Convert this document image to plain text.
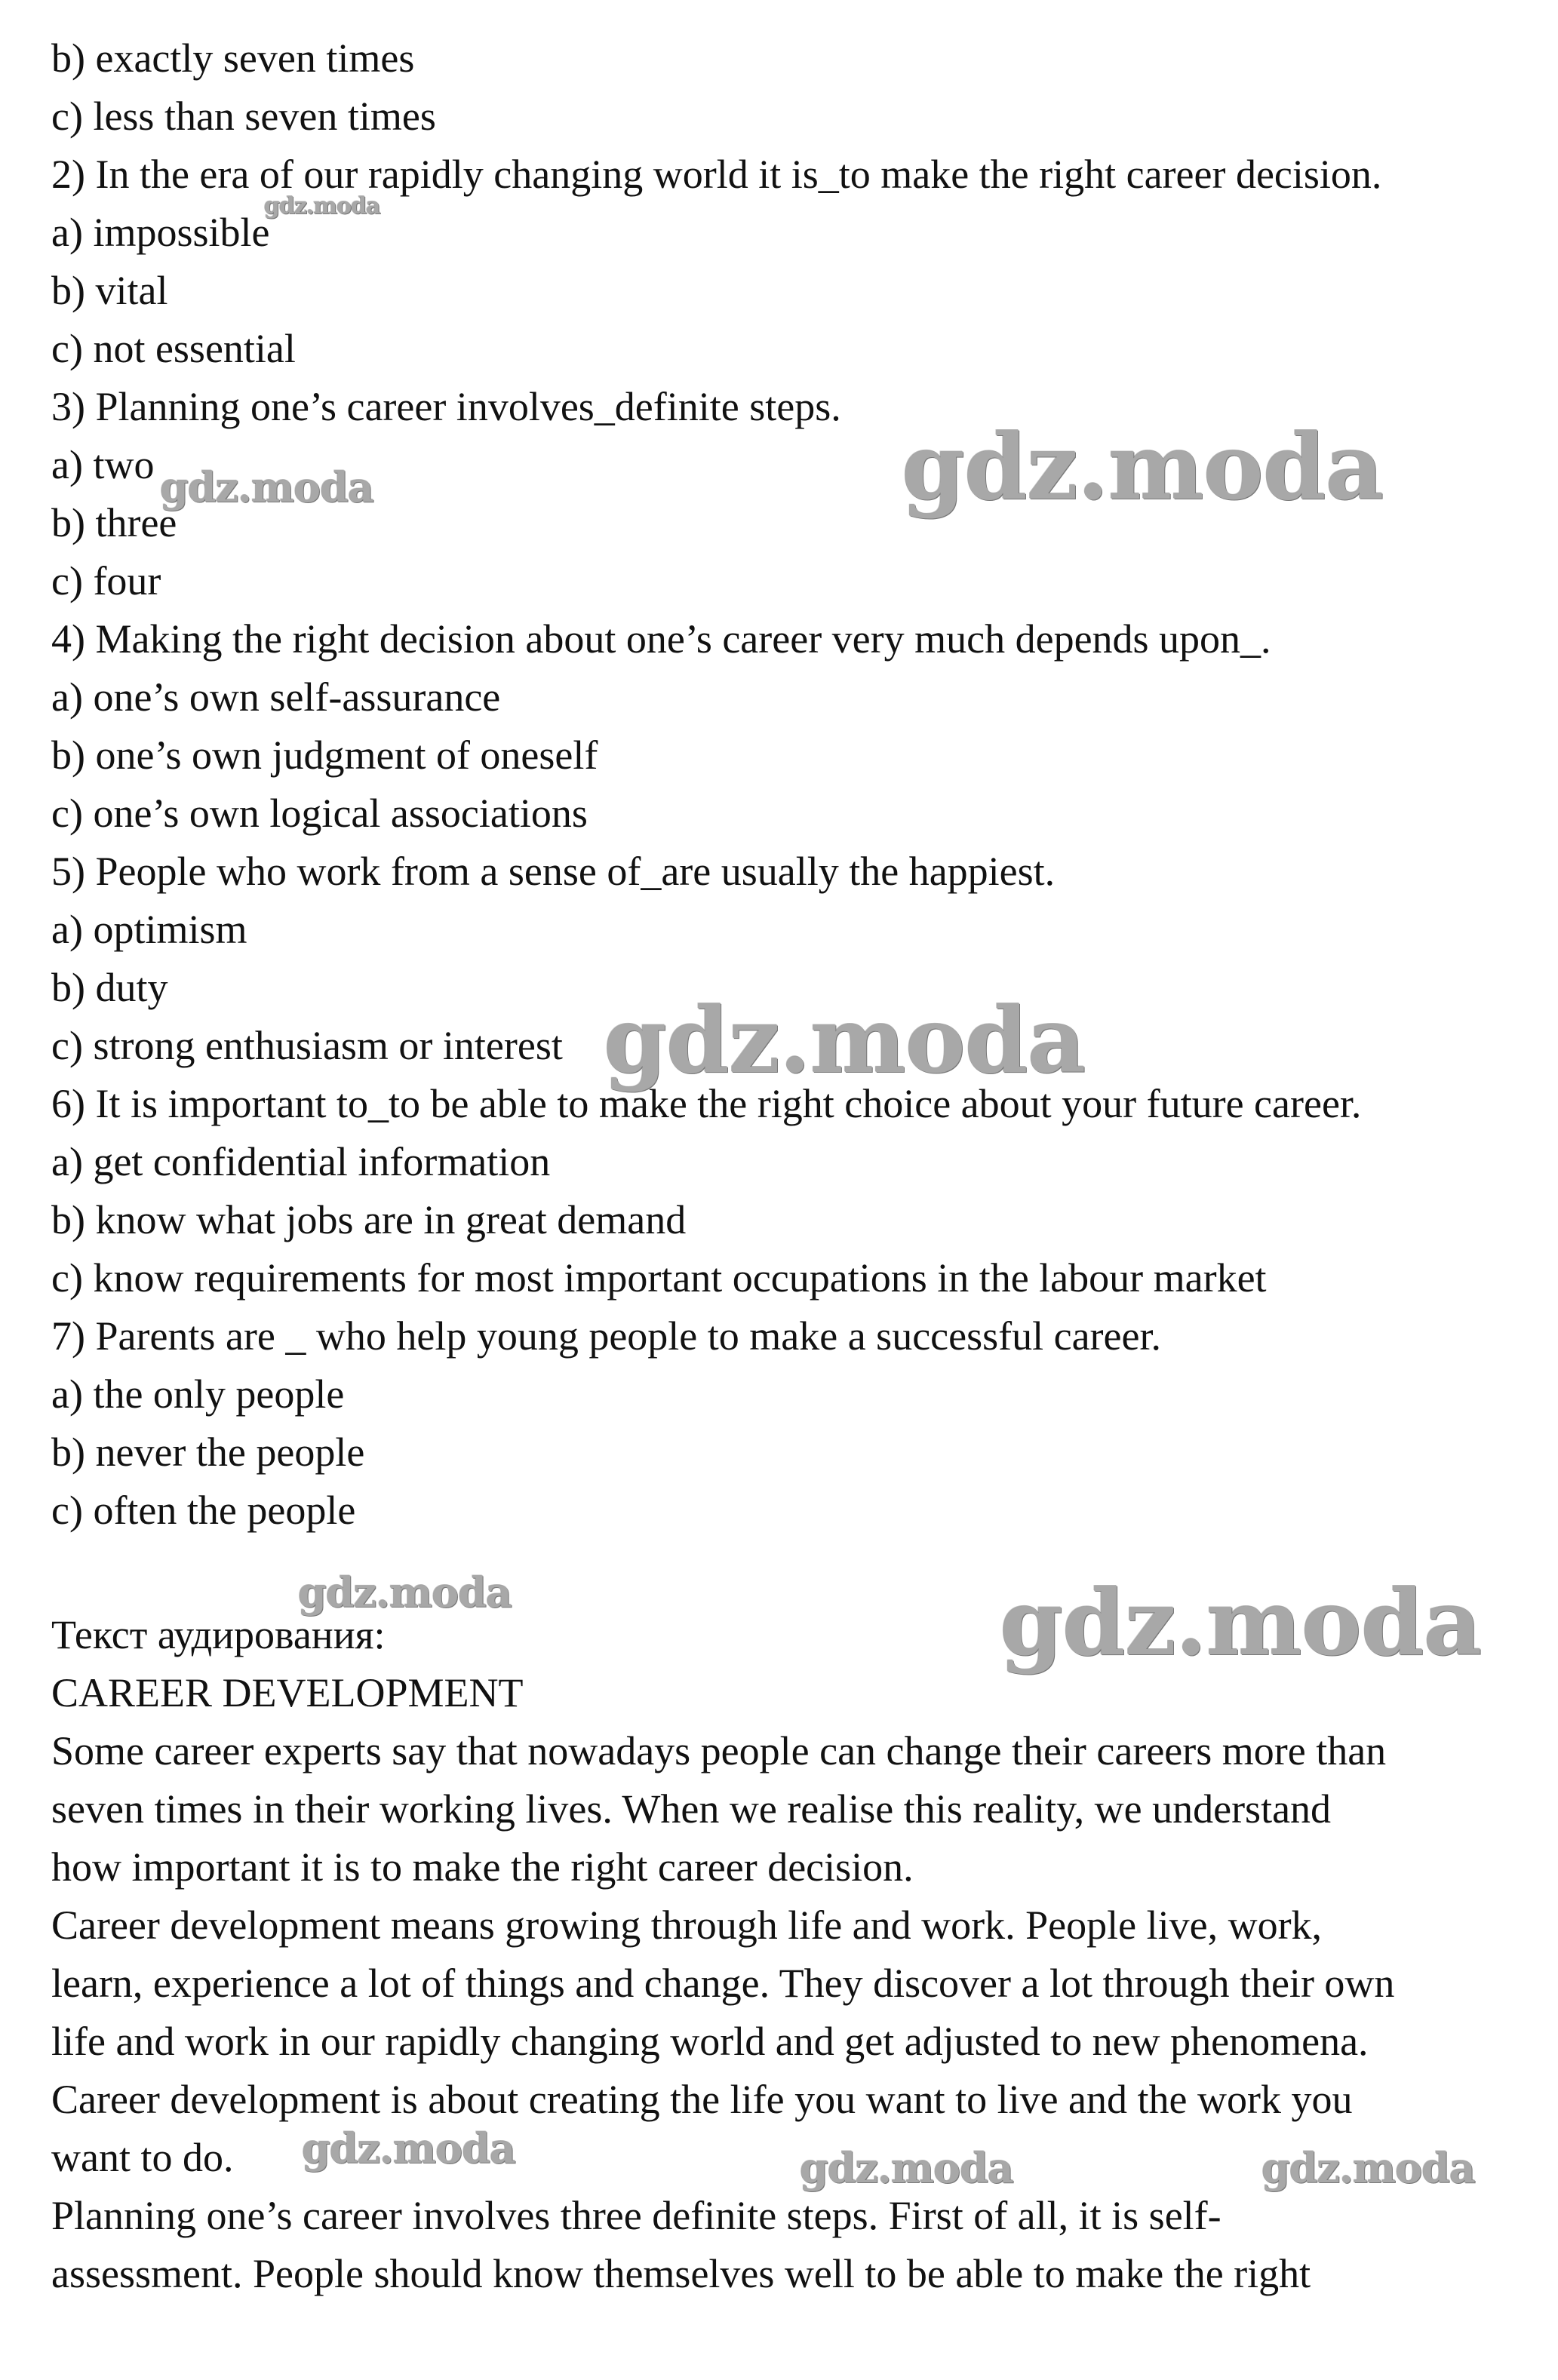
b) exactly seven times
c) less than seven times
2) In the era of our rapidly changing world it is_to make the right career decision.
a) impossible
b) vital
c) not essential
3) Planning one’s career involves_definite steps.
a) two
b) three
c) four
4) Making the right decision about one’s career very much depends upon_.
a) one’s own self-assurance
b) one’s own judgment of oneself
c) one’s own logical associations
5) People who work from a sense of_are usually the happiest.
a) optimism
b) duty
c) strong enthusiasm or interest
6) It is important to_to be able to make the right choice about your future career.
a) get confidential information
b) know what jobs are in great demand
c) know requirements for most important occupations in the labour market
7) Parents are _ who help young people to make a successful career.
a) the only people
b) never the people
c) often the people
Текст аудирования:
CAREER DEVELOPMENT
Some career experts say that nowadays people can change their careers more than
seven times in their working lives. When we realise this reality, we understand
how important it is to make the right career decision.
Career development means growing through life and work. People live, work,
learn, experience a lot of things and change. They discover a lot through their own
life and work in our rapidly changing world and get adjusted to new phenomena.
Career development is about creating the life you want to live and the work you
want to do.
Planning one’s career involves three definite steps. First of all, it is self-
assessment. People should know themselves well to be able to make the right
gdz.moda
gdz.moda
gdz.moda
gdz.moda
gdz.moda	gdz.moda
gdz.moda	gdz.moda	gdz.moda
